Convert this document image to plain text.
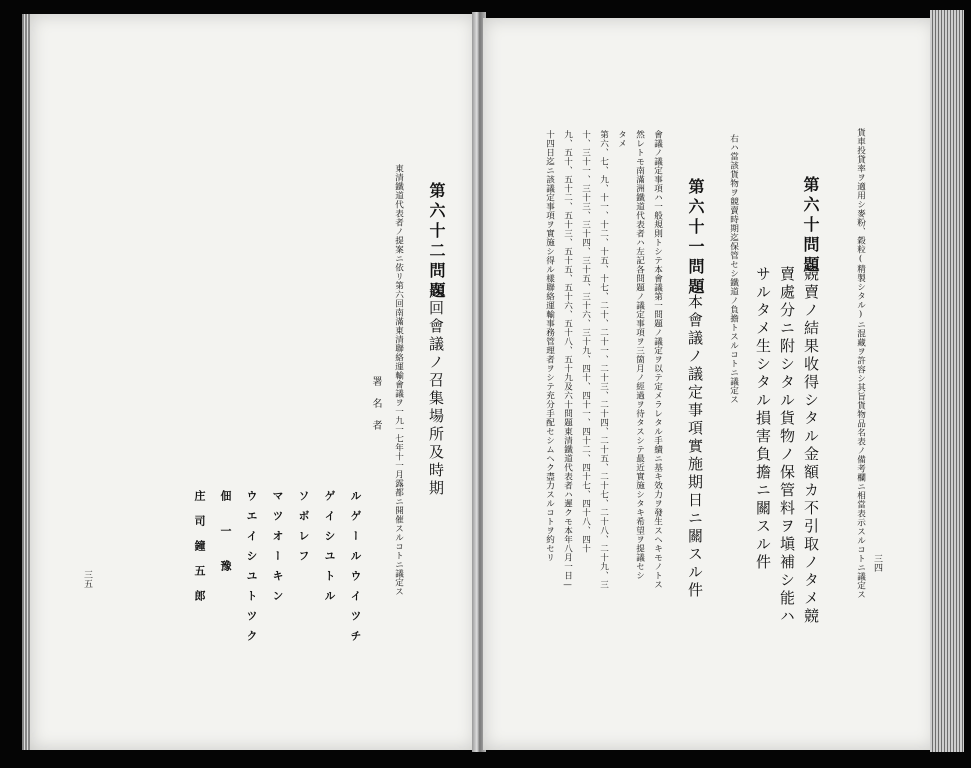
三五
第六十二問題
次回會議ノ召集場所及時期
東清鐵道代表者ノ提案ニ依リ第六回南滿東清聯絡運輸會議ヲ一九一七年十一月露都ニ開催スルコトニ議定ス
署名者
ルゲールウイツチ
ゲイシユトル
ソボレフ
マツオーキン
ウエイシユトツク
佃一豫
庄司鐘五郎	三四
貨車投貸率ヲ適用シ麥粉、穀粒(精製シタル)ニ混藏ヲ許容シ其旨貨物品名表ノ備考欄ニ相當表示スルコトニ議定ス
第六十問題
競賣ノ結果收得シタル金額カ不引取ノタメ競
賣處分ニ附シタル貨物ノ保管料ヲ塡補シ能ハ
サルタメ生シタル損害負擔ニ關スル件
右ハ當該貨物ヲ競賣時期迄保管セシ鐵道ノ負擔トスルコトニ議定ス
第六十一問題
本會議ノ議定事項實施期日ニ關スル件
會議ノ議定事項ハ一般規則トシテ本會議第一問題ノ議定ヲ以テ定メラレタル手續ニ基キ效力ヲ發生スヘキモノトス
然レトモ南滿洲鐵道代表者ハ左記各問題ノ議定事項ヲ三箇月ノ經過ヲ待タスシテ最近實施シタキ希望ヲ提議セシ
タメ
第六、七、九、十一、十二、十五、十七、二十、二十一、二十三、二十四、二十五、二十七、二十八、二十九、三
十、三十一、三十三、三十四、三十五、三十六、三十九、四十、四十一、四十二、四十七、四十八、四十
九、五十、五十二、五十三、五十五、五十六、五十八、五十九及六十問題東清鐵道代表者ハ遲クモ本年八月一日—
十四日迄ニ該議定事項ヲ實施シ得ル樣聯絡運輸事務管理者ヲシテ充分手配セシムヘク盡力スルコトヲ約セリ
